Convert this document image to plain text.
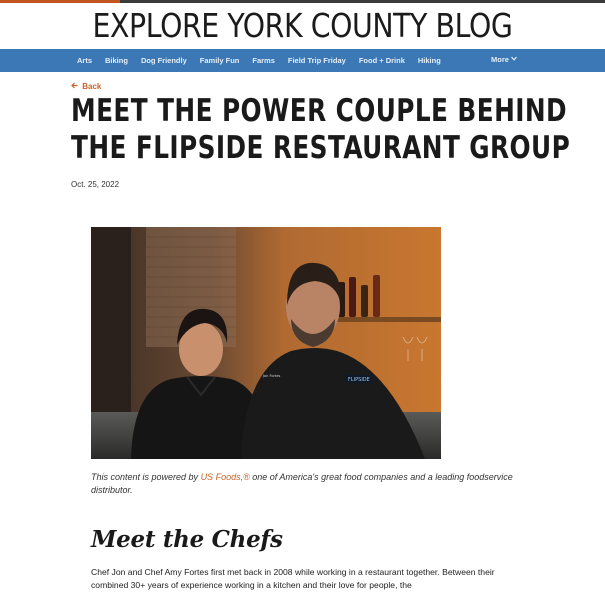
EXPLORE YORK COUNTY BLOG
Arts Biking Dog Friendly Family Fun Farms Field Trip Friday Food + Drink Hiking	More
Back
MEET THE POWER COUPLE BEHIND
THE FLIPSIDE RESTAURANT GROUP
Oct. 25, 2022
FLIPSIDE
Jon Fortes
This content is powered by US Foods,® one of America's great food companies and a leading foodservice distributor.
Meet the Chefs
Chef Jon and Chef Amy Fortes first met back in 2008 while working in a restaurant together. Between their combined 30+ years of experience working in a kitchen and their love for people, the
